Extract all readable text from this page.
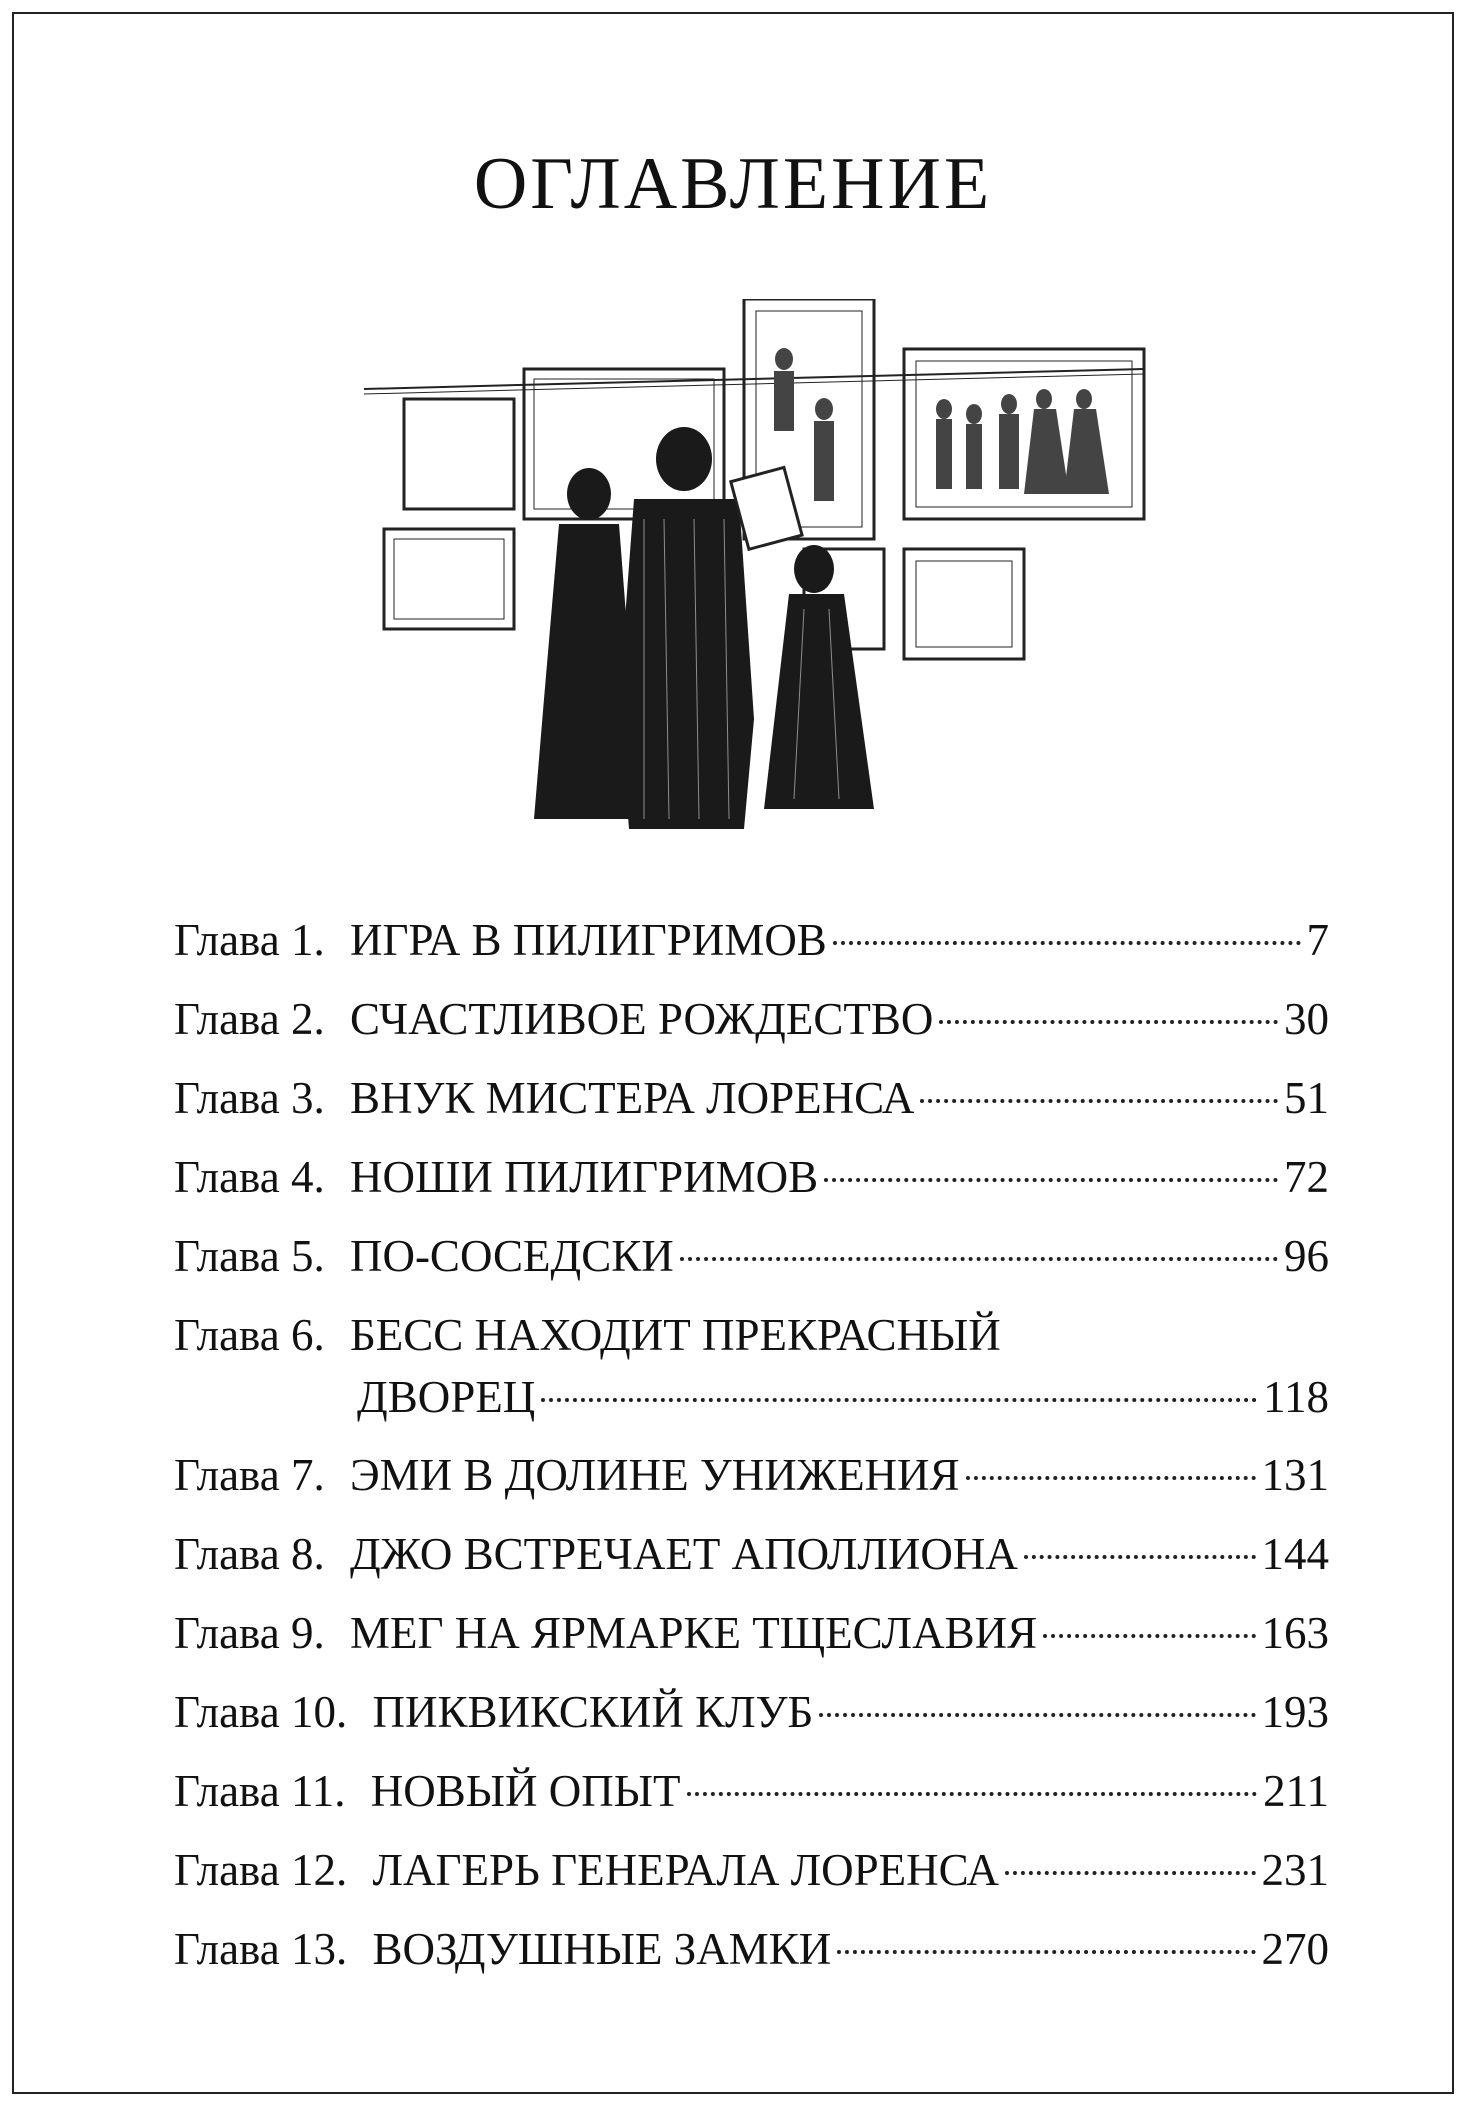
ОГЛАВЛЕНИЕ
Глава 1. ИГРА В ПИЛИГРИМОВ	7
Глава 2. СЧАСТЛИВОЕ РОЖДЕСТВО	30
Глава 3. ВНУК МИСТЕРА ЛОРЕНСА	51
Глава 4. НОШИ ПИЛИГРИМОВ	72
Глава 5. ПО-СОСЕДСКИ	96
Глава 6. БЕСС НАХОДИТ ПРЕКРАСНЫЙ
ДВОРЕЦ	118
Глава 7. ЭМИ В ДОЛИНЕ УНИЖЕНИЯ	131
Глава 8. ДЖО ВСТРЕЧАЕТ АПОЛЛИОНА	144
Глава 9. МЕГ НА ЯРМАРКЕ ТЩЕСЛАВИЯ	163
Глава 10. ПИКВИКСКИЙ КЛУБ	193
Глава 11. НОВЫЙ ОПЫТ	211
Глава 12. ЛАГЕРЬ ГЕНЕРАЛА ЛОРЕНСА	231
Глава 13. ВОЗДУШНЫЕ ЗАМКИ	270
